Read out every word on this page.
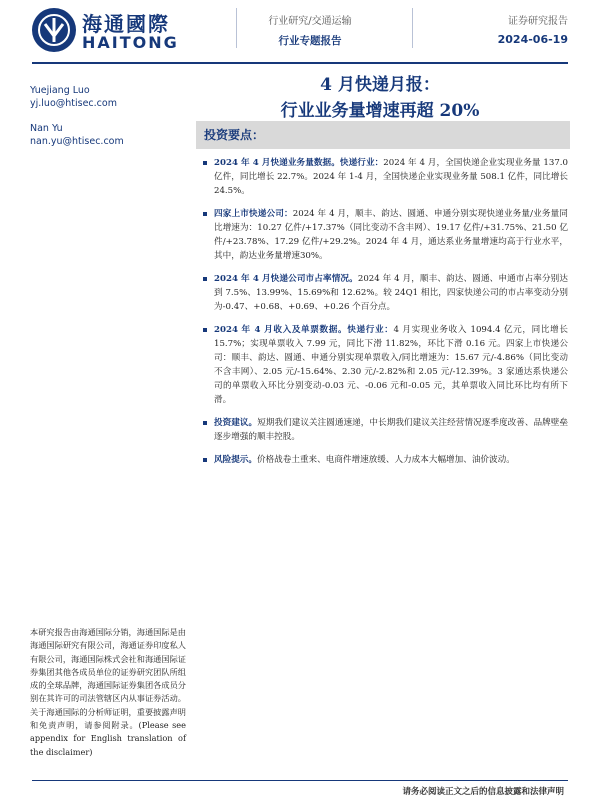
海通國際
HAITONG
行业研究/交通运输
行业专题报告
证券研究报告
2024-06-19
Yuejiang Luo
yj.luo@htisec.com
Nan Yu
nan.yu@htisec.com
4 月快递月报：
行业业务量增速再超 20%
投资要点：
2024 年 4 月快递业务量数据。快递行业：2024 年 4 月，全国快递企业实现业务量 137.0 亿件，同比增长 22.7%。2024 年 1-4 月，全国快递企业实现业务量 508.1 亿件，同比增长 24.5%。
四家上市快递公司：2024 年 4 月，顺丰、韵达、圆通、申通分别实现快递业务量/业务量同比增速为：10.27 亿件/+17.37%（同比变动不含丰网）、19.17 亿件/+31.75%、21.50 亿件/+23.78%、17.29 亿件/+29.2%。2024 年 4 月，通达系业务量增速均高于行业水平，其中，韵达业务量增速30%。
2024 年 4 月快递公司市占率情况。2024 年 4 月，顺丰、韵达、圆通、申通市占率分别达到 7.5%、13.99%、15.69%和 12.62%。较 24Q1 相比，四家快递公司的市占率变动分别为-0.47、+0.68、+0.69、+0.26 个百分点。
2024 年 4 月收入及单票数据。快递行业：4 月实现业务收入 1094.4 亿元，同比增长 15.7%；实现单票收入 7.99 元，同比下滑 11.82%，环比下滑 0.16 元。四家上市快递公司：顺丰、韵达、圆通、申通分别实现单票收入/同比增速为：15.67 元/-4.86%（同比变动不含丰网）、2.05 元/-15.64%、2.30 元/-2.82%和 2.05 元/-12.39%。3 家通达系快递公司的单票收入环比分别变动-0.03 元、-0.06 元和-0.05 元，其单票收入同比环比均有所下滑。
投资建议。短期我们建议关注圆通速递，中长期我们建议关注经营情况逐季度改善、品牌壁垒逐步增强的顺丰控股。
风险提示。价格战卷土重来、电商件增速放缓、人力成本大幅增加、油价波动。
本研究报告由海通国际分销，海通国际是由海通国际研究有限公司，海通证券印度私人有限公司，海通国际株式会社和海通国际证券集团其他各成员单位的证券研究团队所组成的全球品牌，海通国际证券集团各成员分别在其许可的司法管辖区内从事证券活动。关于海通国际的分析师证明，重要披露声明和免责声明，请参阅附录。(Please see appendix for English translation of the disclaimer)
请务必阅读正文之后的信息披露和法律声明
